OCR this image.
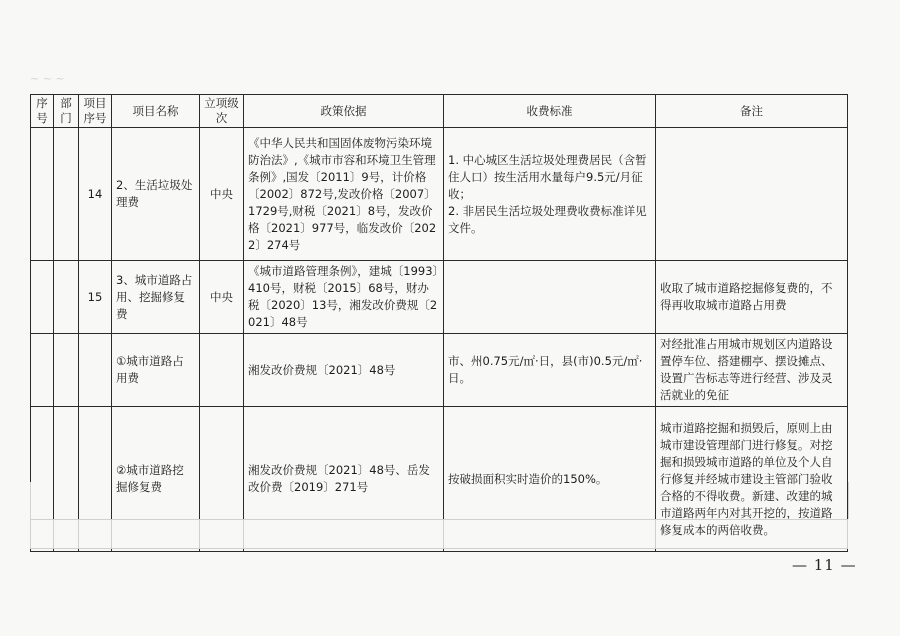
~ ~ ~
序号	部门	项目序号	项目名称	立项级次	政策依据	收费标准	备注
		14	2、生活垃圾处理费	中央	《中华人民共和国固体废物污染环境防治法》,《城市市容和环境卫生管理条例》,国发〔2011〕9号，计价格〔2002〕872号,发改价格〔2007〕1729号,财税〔2021〕8号，发改价格〔2021〕977号，临发改价〔2022〕274号	1. 中心城区生活垃圾处理费居民（含暂住人口）按生活用水量每户9.5元/月征收；
2. 非居民生活垃圾处理费收费标准详见文件。	
		15	3、城市道路占用、挖掘修复费	中央	《城市道路管理条例》，建城〔1993〕410号，财税〔2015〕68号，财办税〔2020〕13号，湘发改价费规〔2021〕48号		收取了城市道路挖掘修复费的，不得再收取城市道路占用费
			①城市道路占用费		湘发改价费规〔2021〕48号	市、州0.75元/㎡·日，县(市)0.5元/㎡·日。	对经批准占用城市规划区内道路设置停车位、搭建棚亭、摆设摊点、设置广告标志等进行经营、涉及灵活就业的免征
			②城市道路挖掘修复费		湘发改价费规〔2021〕48号、岳发改价费〔2019〕271号	按破损面积实时造价的150%。	城市道路挖掘和损毁后，原则上由城市建设管理部门进行修复。对挖掘和损毁城市道路的单位及个人自行修复并经城市建设主管部门验收合格的不得收费。新建、改建的城市道路两年内对其开挖的，按道路修复成本的两倍收费。

— 11 —
